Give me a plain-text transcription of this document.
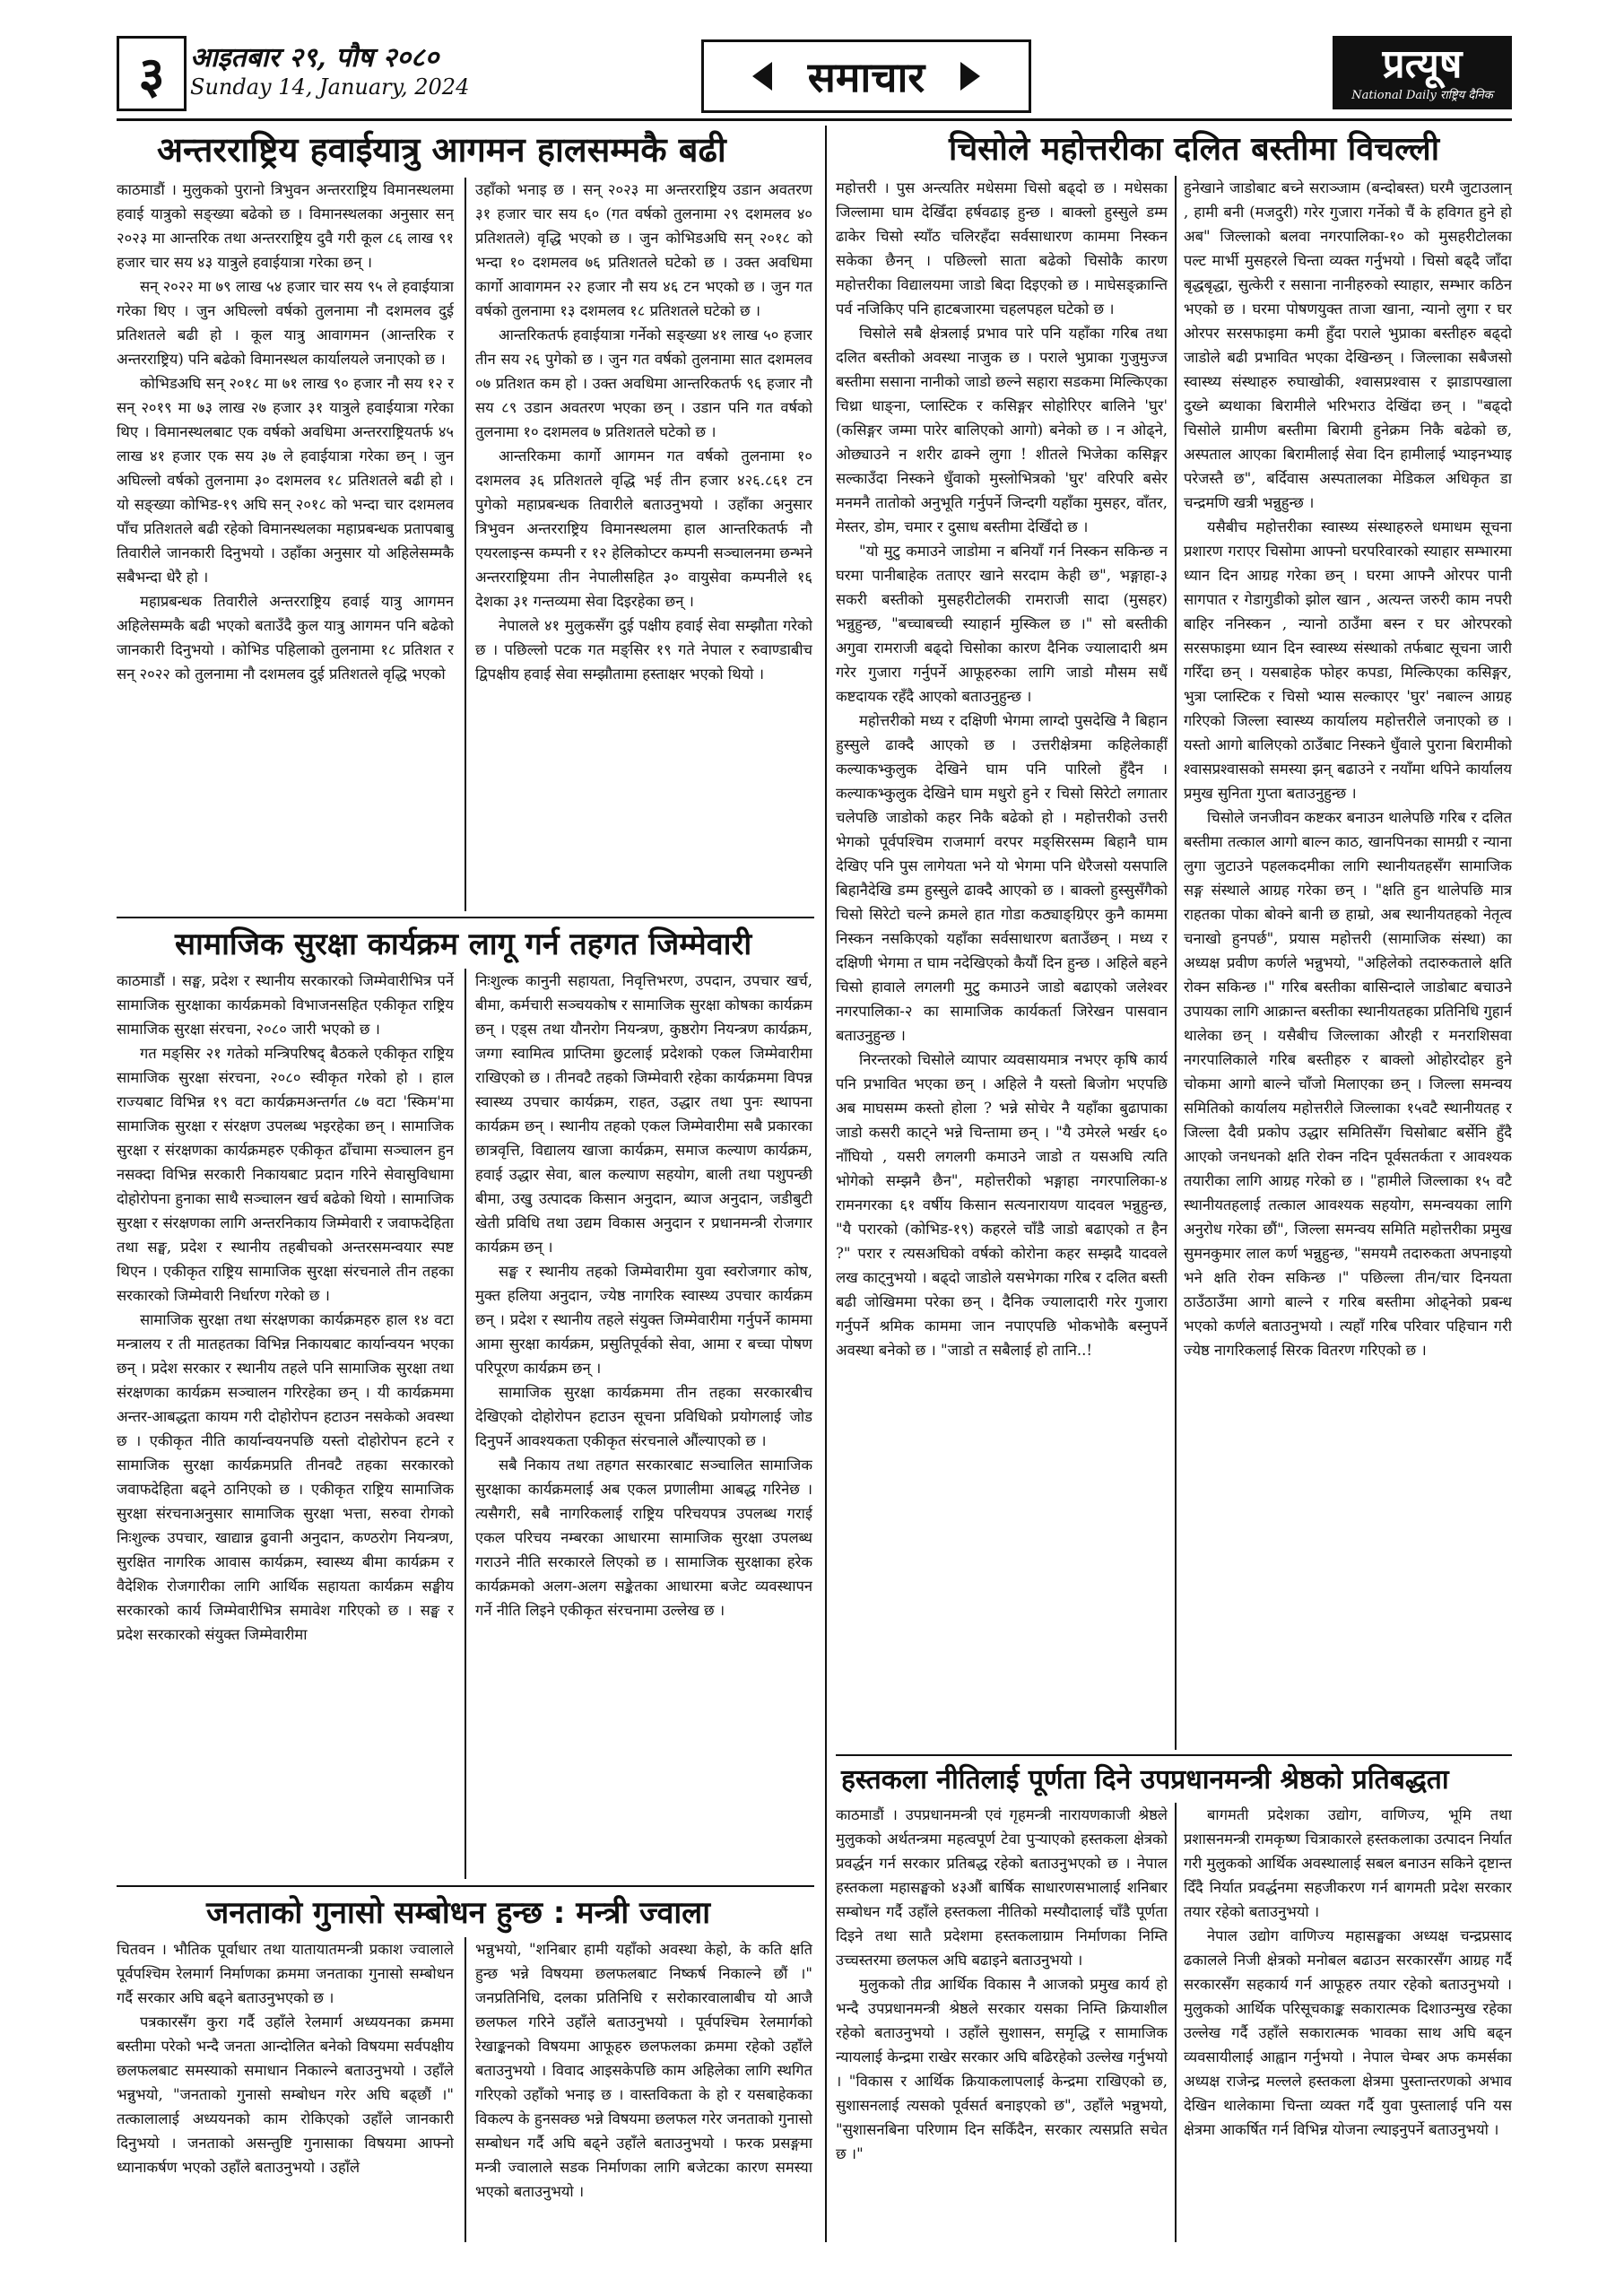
३ आइतबार २९, पौष २०८०
Sunday 14, January, 2024	समाचार	प्रत्यूष
National Daily राष्ट्रिय दैनिक
अन्तरराष्ट्रिय हवाईयात्रु आगमन हालसम्मकै बढी

काठमाडौं । मुलुकको पुरानो त्रिभुवन अन्तरराष्ट्रिय विमानस्थलमा हवाई यात्रुको सङ्ख्या बढेको छ । विमानस्थलका अनुसार सन् २०२३ मा आन्तरिक तथा अन्तरराष्ट्रिय दुवै गरी कूल ८६ लाख ९१ हजार चार सय ४३ यात्रुले हवाईयात्रा गरेका छन् ।

सन् २०२२ मा ७९ लाख ५४ हजार चार सय ९५ ले हवाईयात्रा गरेका थिए । जुन अघिल्लो वर्षको तुलनामा नौ दशमलव दुई प्रतिशतले बढी हो । कूल यात्रु आवागमन (आन्तरिक र अन्तरराष्ट्रिय) पनि बढेको विमानस्थल कार्यालयले जनाएको छ ।

कोभिडअघि सन् २०१८ मा ७१ लाख ९० हजार नौ सय १२ र सन् २०१९ मा ७३ लाख २७ हजार ३१ यात्रुले हवाईयात्रा गरेका थिए । विमानस्थलबाट एक वर्षको अवधिमा अन्तरराष्ट्रियतर्फ ४५ लाख ४१ हजार एक सय ३७ ले हवाईयात्रा गरेका छन् । जुन अघिल्लो वर्षको तुलनामा ३० दशमलव १८ प्रतिशतले बढी हो । यो सङ्ख्या कोभिड-१९ अघि सन् २०१८ को भन्दा चार दशमलव पाँच प्रतिशतले बढी रहेको विमानस्थलका महाप्रबन्धक प्रतापबाबु तिवारीले जानकारी दिनुभयो । उहाँका अनुसार यो अहिलेसम्मकै सबैभन्दा धेरै हो ।

महाप्रबन्धक तिवारीले अन्तरराष्ट्रिय हवाई यात्रु आगमन अहिलेसम्मकै बढी भएको बताउँदै कुल यात्रु आगमन पनि बढेको जानकारी दिनुभयो । कोभिड पहिलाको तुलनामा १८ प्रतिशत र सन् २०२२ को तुलनामा नौ दशमलव दुई प्रतिशतले वृद्धि भएको

उहाँको भनाइ छ । सन् २०२३ मा अन्तरराष्ट्रिय उडान अवतरण ३१ हजार चार सय ६० (गत वर्षको तुलनामा २९ दशमलव ४० प्रतिशतले) वृद्धि भएको छ । जुन कोभिडअघि सन् २०१८ को भन्दा १० दशमलव ७६ प्रतिशतले घटेको छ । उक्त अवधिमा कार्गो आवागमन २२ हजार नौ सय ४६ टन भएको छ । जुन गत वर्षको तुलनामा १३ दशमलव १८ प्रतिशतले घटेको छ ।

आन्तरिकतर्फ हवाईयात्रा गर्नेको सङ्ख्या ४१ लाख ५० हजार तीन सय २६ पुगेको छ । जुन गत वर्षको तुलनामा सात दशमलव ०७ प्रतिशत कम हो । उक्त अवधिमा आन्तरिकतर्फ ९६ हजार नौ सय ८९ उडान अवतरण भएका छन् । उडान पनि गत वर्षको तुलनामा १० दशमलव ७ प्रतिशतले घटेको छ ।

आन्तरिकमा कार्गो आगमन गत वर्षको तुलनामा १० दशमलव ३६ प्रतिशतले वृद्धि भई तीन हजार ४२६.८६१ टन पुगेको महाप्रबन्धक तिवारीले बताउनुभयो । उहाँका अनुसार त्रिभुवन अन्तरराष्ट्रिय विमानस्थलमा हाल आन्तरिकतर्फ नौ एयरलाइन्स कम्पनी र १२ हेलिकोप्टर कम्पनी सञ्चालनमा छन्भने अन्तरराष्ट्रियमा तीन नेपालीसहित ३० वायुसेवा कम्पनीले १६ देशका ३१ गन्तव्यमा सेवा दिइरहेका छन् ।

नेपालले ४१ मुलुकसँग दुई पक्षीय हवाई सेवा सम्झौता गरेको छ । पछिल्लो पटक गत मङ्सिर १९ गते नेपाल र रुवाण्डाबीच द्विपक्षीय हवाई सेवा सम्झौतामा हस्ताक्षर भएको थियो ।

सामाजिक सुरक्षा कार्यक्रम लागू गर्न तहगत जिम्मेवारी

काठमाडौं । सङ्घ, प्रदेश र स्थानीय सरकारको जिम्मेवारीभित्र पर्ने सामाजिक सुरक्षाका कार्यक्रमको विभाजनसहित एकीकृत राष्ट्रिय सामाजिक सुरक्षा संरचना, २०८० जारी भएको छ ।

गत मङ्सिर २१ गतेको मन्त्रिपरिषद् बैठकले एकीकृत राष्ट्रिय सामाजिक सुरक्षा संरचना, २०८० स्वीकृत गरेको हो । हाल राज्यबाट विभिन्न १९ वटा कार्यक्रमअन्तर्गत ८७ वटा 'स्किम'मा सामाजिक सुरक्षा र संरक्षण उपलब्ध भइरहेका छन् । सामाजिक सुरक्षा र संरक्षणका कार्यक्रमहरु एकीकृत ढाँचामा सञ्चालन हुन नसक्दा विभिन्न सरकारी निकायबाट प्रदान गरिने सेवासुविधामा दोहोरोपना हुनाका साथै सञ्चालन खर्च बढेको थियो । सामाजिक सुरक्षा र संरक्षणका लागि अन्तरनिकाय जिम्मेवारी र जवाफदेहिता तथा सङ्घ, प्रदेश र स्थानीय तहबीचको अन्तरसमन्वयार स्पष्ट थिएन । एकीकृत राष्ट्रिय सामाजिक सुरक्षा संरचनाले तीन तहका सरकारको जिम्मेवारी निर्धारण गरेको छ ।

सामाजिक सुरक्षा तथा संरक्षणका कार्यक्रमहरु हाल १४ वटा मन्त्रालय र ती मातहतका विभिन्न निकायबाट कार्यान्वयन भएका छन् । प्रदेश सरकार र स्थानीय तहले पनि सामाजिक सुरक्षा तथा संरक्षणका कार्यक्रम सञ्चालन गरिरहेका छन् । यी कार्यक्रममा अन्तर-आबद्धता कायम गरी दोहोरोपन हटाउन नसकेको अवस्था छ । एकीकृत नीति कार्यान्वयनपछि यस्तो दोहोरोपन हटने र सामाजिक सुरक्षा कार्यक्रमप्रति तीनवटै तहका सरकारको जवाफदेहिता बढ्ने ठानिएको छ । एकीकृत राष्ट्रिय सामाजिक सुरक्षा संरचनाअनुसार सामाजिक सुरक्षा भत्ता, सरुवा रोगको निःशुल्क उपचार, खाद्यान्न ढुवानी अनुदान, कण्ठरोग नियन्त्रण, सुरक्षित नागरिक आवास कार्यक्रम, स्वास्थ्य बीमा कार्यक्रम र वैदेशिक रोजगारीका लागि आर्थिक सहायता कार्यक्रम सङ्घीय सरकारको कार्य जिम्मेवारीभित्र समावेश गरिएको छ । सङ्घ र प्रदेश सरकारको संयुक्त जिम्मेवारीमा

निःशुल्क कानुनी सहायता, निवृत्तिभरण, उपदान, उपचार खर्च, बीमा, कर्मचारी सञ्चयकोष र सामाजिक सुरक्षा कोषका कार्यक्रम छन् । एड्स तथा यौनरोग नियन्त्रण, कुष्ठरोग नियन्त्रण कार्यक्रम, जग्गा स्वामित्व प्राप्तिमा छुटलाई प्रदेशको एकल जिम्मेवारीमा राखिएको छ । तीनवटै तहको जिम्मेवारी रहेका कार्यक्रममा विपन्न स्वास्थ्य उपचार कार्यक्रम, राहत, उद्धार तथा पुनः स्थापना कार्यक्रम छन् । स्थानीय तहको एकल जिम्मेवारीमा सबै प्रकारका छात्रवृत्ति, विद्यालय खाजा कार्यक्रम, समाज कल्याण कार्यक्रम, हवाई उद्धार सेवा, बाल कल्याण सहयोग, बाली तथा पशुपन्छी बीमा, उखु उत्पादक किसान अनुदान, ब्याज अनुदान, जडीबुटी खेती प्रविधि तथा उद्यम विकास अनुदान र प्रधानमन्त्री रोजगार कार्यक्रम छन् ।

सङ्घ र स्थानीय तहको जिम्मेवारीमा युवा स्वरोजगार कोष, मुक्त हलिया अनुदान, ज्येष्ठ नागरिक स्वास्थ्य उपचार कार्यक्रम छन् । प्रदेश र स्थानीय तहले संयुक्त जिम्मेवारीमा गर्नुपर्ने काममा आमा सुरक्षा कार्यक्रम, प्रसुतिपूर्वको सेवा, आमा र बच्चा पोषण परिपूरण कार्यक्रम छन् ।

सामाजिक सुरक्षा कार्यक्रममा तीन तहका सरकारबीच देखिएको दोहोरोपन हटाउन सूचना प्रविधिको प्रयोगलाई जोड दिनुपर्ने आवश्यकता एकीकृत संरचनाले औंल्याएको छ ।

सबै निकाय तथा तहगत सरकारबाट सञ्चालित सामाजिक सुरक्षाका कार्यक्रमलाई अब एकल प्रणालीमा आबद्ध गरिनेछ । त्यसैगरी, सबै नागरिकलाई राष्ट्रिय परिचयपत्र उपलब्ध गराई एकल परिचय नम्बरका आधारमा सामाजिक सुरक्षा उपलब्ध गराउने नीति सरकारले लिएको छ । सामाजिक सुरक्षाका हरेक कार्यक्रमको अलग-अलग सङ्केतका आधारमा बजेट व्यवस्थापन गर्ने नीति लिइने एकीकृत संरचनामा उल्लेख छ ।

जनताको गुनासो सम्बोधन हुन्छ : मन्त्री ज्वाला

चितवन । भौतिक पूर्वाधार तथा यातायातमन्त्री प्रकाश ज्वालाले पूर्वपश्चिम रेलमार्ग निर्माणका क्रममा जनताका गुनासो सम्बोधन गर्दै सरकार अघि बढ्ने बताउनुभएको छ ।

पत्रकारसँग कुरा गर्दै उहाँले रेलमार्ग अध्ययनका क्रममा बस्तीमा परेको भन्दै जनता आन्दोलित बनेको विषयमा सर्वपक्षीय छलफलबाट समस्याको समाधान निकाल्ने बताउनुभयो । उहाँले भन्नुभयो, "जनताको गुनासो सम्बोधन गरेर अघि बढ्छौं ।" तत्कालालाई अध्ययनको काम रोकिएको उहाँले जानकारी दिनुभयो । जनताको असन्तुष्टि गुनासाका विषयमा आफ्नो ध्यानाकर्षण भएको उहाँले बताउनुभयो । उहाँले

भन्नुभयो, "शनिबार हामी यहाँको अवस्था केहो, के कति क्षति हुन्छ भन्ने विषयमा छलफलबाट निष्कर्ष निकाल्ने छौं ।" जनप्रतिनिधि, दलका प्रतिनिधि र सरोकारवालाबीच यो आजै छलफल गरिने उहाँले बताउनुभयो । पूर्वपश्चिम रेलमार्गको रेखाङ्कनको विषयमा आफूहरु छलफलका क्रममा रहेको उहाँले बताउनुभयो । विवाद आइसकेपछि काम अहिलेका लागि स्थगित गरिएको उहाँको भनाइ छ । वास्तविकता के हो र यसबाहेकका विकल्प के हुनसक्छ भन्ने विषयमा छलफल गरेर जनताको गुनासो सम्बोधन गर्दै अघि बढ्ने उहाँले बताउनुभयो । फरक प्रसङ्गमा मन्त्री ज्वालाले सडक निर्माणका लागि बजेटका कारण समस्या भएको बताउनुभयो ।

चिसोले महोत्तरीका दलित बस्तीमा विचल्ली

महोत्तरी । पुस अन्त्यतिर मधेसमा चिसो बढ्दो छ । मधेसका जिल्लामा घाम देखिँदा हर्षवढाइ हुन्छ । बाक्लो हुस्सुले डम्म ढाकेर चिसो स्याँठ चलिरहँदा सर्वसाधारण काममा निस्कन सकेका छैनन् । पछिल्लो साता बढेको चिसोकै कारण महोत्तरीका विद्यालयमा जाडो बिदा दिइएको छ । माघेसङ्क्रान्ति पर्व नजिकिए पनि हाटबजारमा चहलपहल घटेको छ ।

चिसोले सबै क्षेत्रलाई प्रभाव पारे पनि यहाँका गरिब तथा दलित बस्तीको अवस्था नाजुक छ । पराले भुप्राका गुजुमुज्ज बस्तीमा ससाना नानीको जाडो छल्ने सहारा सडकमा मिल्किएका चिथ्रा धाङ्ना, प्लास्टिक र कसिङ्गर सोहोरिएर बालिने 'घुर' (कसिङ्गर जम्मा पारेर बालिएको आगो) बनेको छ । न ओढ्ने, ओछ्याउने न शरीर ढाक्ने लुगा ! शीतले भिजेका कसिङ्गर सल्काउँदा निस्कने धुँवाको मुस्लोभित्रको 'घुर' वरिपरि बसेर मनमनै तातोको अनुभूति गर्नुपर्ने जिन्दगी यहाँका मुसहर, वाँतर, मेस्तर, डोम, चमार र दुसाध बस्तीमा देखिँदो छ ।

"यो मुटु कमाउने जाडोमा न बनियाँ गर्न निस्कन सकिन्छ न घरमा पानीबाहेक तताएर खाने सरदाम केही छ", भङ्गाहा-३ सकरी बस्तीको मुसहरीटोलकी रामराजी सादा (मुसहर) भन्नुहुन्छ, "बच्चाबच्ची स्याहार्न मुस्किल छ ।" सो बस्तीकी अगुवा रामराजी बढ्दो चिसोका कारण दैनिक ज्यालादारी श्रम गरेर गुजारा गर्नुपर्ने आफूहरुका लागि जाडो मौसम सधैं कष्टदायक रहँदै आएको बताउनुहुन्छ ।

महोत्तरीको मध्य र दक्षिणी भेगमा लाग्दो पुसदेखि नै बिहान हुस्सुले ढाक्दै आएको छ । उत्तरीक्षेत्रमा कहिलेकाहीँ कल्याकभ्कुलुक देखिने घाम पनि पारिलो हुँदैन । कल्याकभ्कुलुक देखिने घाम मधुरो हुने र चिसो सिरेटो लगातार चलेपछि जाडोको कहर निकै बढेको हो । महोत्तरीको उत्तरी भेगको पूर्वपश्चिम राजमार्ग वरपर मङ्सिरसम्म बिहानै घाम देखिए पनि पुस लागेयता भने यो भेगमा पनि धेरैजसो यसपालि बिहानैदेखि डम्म हुस्सुले ढाक्दै आएको छ । बाक्लो हुस्सुसँगैको चिसो सिरेटो चल्ने क्रमले हात गोडा कठ्याङ्ग्रिएर कुनै काममा निस्कन नसकिएको यहाँका सर्वसाधारण बताउँछन् । मध्य र दक्षिणी भेगमा त घाम नदेखिएको कैयौं दिन हुन्छ । अहिले बहने चिसो हावाले लगलगी मुटु कमाउने जाडो बढाएको जलेश्वर नगरपालिका-२ का सामाजिक कार्यकर्ता जिरेखन पासवान बताउनुहुन्छ ।

निरन्तरको चिसोले व्यापार व्यवसायमात्र नभएर कृषि कार्य पनि प्रभावित भएका छन् । अहिले नै यस्तो बिजोग भएपछि अब माघसम्म कस्तो होला ? भन्ने सोचेर नै यहाँका बुढापाका जाडो कसरी काट्ने भन्ने चिन्तामा छन् । "यै उमेरले भर्खर ६० नाँघियो , यसरी लगलगी कमाउने जाडो त यसअघि त्यति भोगेको सम्झनै छैन", महोत्तरीको भङ्गाहा नगरपालिका-४ रामनगरका ६१ वर्षीय किसान सत्यनारायण यादवल भन्नुहुन्छ, "यै परारको (कोभिड-१९) कहरले चाँडै जाडो बढाएको त हैन ?" परार र त्यसअघिको वर्षको कोरोना कहर सम्झदै यादवले लख काट्नुभयो । बढ्दो जाडोले यसभेगका गरिब र दलित बस्ती बढी जोखिममा परेका छन् । दैनिक ज्यालादारी गरेर गुजारा गर्नुपर्ने श्रमिक काममा जान नपाएपछि भोकभोकै बस्नुपर्ने अवस्था बनेको छ । "जाडो त सबैलाई हो तानि..!

हुनेखाने जाडोबाट बच्ने सराञ्जाम (बन्दोबस्त) घरमै जुटाउलान् , हामी बनी (मजदुरी) गरेर गुजारा गर्नेको चैं के हविगत हुने हो अब" जिल्लाको बलवा नगरपालिका-१० को मुसहरीटोलका पल्ट मार्भी मुसहरले चिन्ता व्यक्त गर्नुभयो । चिसो बढ्दै जाँदा बृद्धबृद्धा, सुत्केरी र ससाना नानीहरुको स्याहार, सम्भार कठिन भएको छ । घरमा पोषणयुक्त ताजा खाना, न्यानो लुगा र घर ओरपर सरसफाइमा कमी हुँदा पराले भुप्राका बस्तीहरु बढ्दो जाडोले बढी प्रभावित भएका देखिन्छन् । जिल्लाका सबैजसो स्वास्थ्य संस्थाहरु रुघाखोकी, श्वासप्रश्वास र झाडापखाला दुख्ने ब्यथाका बिरामीले भरिभराउ देखिंदा छन् । "बढ्दो चिसोले ग्रामीण बस्तीमा बिरामी हुनेक्रम निकै बढेको छ, अस्पताल आएका बिरामीलाई सेवा दिन हामीलाई भ्याइनभ्याइ परेजस्तै छ", बर्दिवास अस्पतालका मेडिकल अधिकृत डा चन्द्रमणि खत्री भन्नुहुन्छ ।

यसैबीच महोत्तरीका स्वास्थ्य संस्थाहरुले धमाधम सूचना प्रशारण गराएर चिसोमा आफ्नो घरपरिवारको स्याहार सम्भारमा ध्यान दिन आग्रह गरेका छन् । घरमा आफ्नै ओरपर पानी सागपात र गेडागुडीको झोल खान , अत्यन्त जरुरी काम नपरी बाहिर ननिस्कन , न्यानो ठाउँमा बस्न र घर ओरपरको सरसफाइमा ध्यान दिन स्वास्थ्य संस्थाको तर्फबाट सूचना जारी गरिँदा छन् । यसबाहेक फोहर कपडा, मिल्किएका कसिङ्गर, भुत्रा प्लास्टिक र चिसो भ्यास सल्काएर 'घुर' नबाल्न आग्रह गरिएको जिल्ला स्वास्थ्य कार्यालय महोत्तरीले जनाएको छ । यस्तो आगो बालिएको ठाउँबाट निस्कने धुँवाले पुराना बिरामीको श्वासप्रश्वासको समस्या झन् बढाउने र नयाँमा थपिने कार्यालय प्रमुख सुनिता गुप्ता बताउनुहुन्छ ।

चिसोले जनजीवन कष्टकर बनाउन थालेपछि गरिब र दलित बस्तीमा तत्काल आगो बाल्न काठ, खानपिनका सामग्री र न्याना लुगा जुटाउने पहलकदमीका लागि स्थानीयतहसँग सामाजिक सङ्ग संस्थाले आग्रह गरेका छन् । "क्षति हुन थालेपछि मात्र राहतका पोका बोक्ने बानी छ हाम्रो, अब स्थानीयतहको नेतृत्व चनाखो हुनपर्छ", प्रयास महोत्तरी (सामाजिक संस्था) का अध्यक्ष प्रवीण कर्णले भन्नुभयो, "अहिलेको तदारुकताले क्षति रोक्न सकिन्छ ।" गरिब बस्तीका बासिन्दाले जाडोबाट बचाउने उपायका लागि आक्रान्त बस्तीका स्थानीयतहका प्रतिनिधि गुहार्न थालेका छन् । यसैबीच जिल्लाका औरही र मनराशिसवा नगरपालिकाले गरिब बस्तीहरु र बाक्लो ओहोरदोहर हुने चोकमा आगो बाल्ने चाँजो मिलाएका छन् । जिल्ला समन्वय समितिको कार्यालय महोत्तरीले जिल्लाका १५वटै स्थानीयतह र जिल्ला दैवी प्रकोप उद्धार समितिसँग चिसोबाट बर्सेनि हुँदै आएको जनधनको क्षति रोक्न नदिन पूर्वसतर्कता र आवश्यक तयारीका लागि आग्रह गरेको छ । "हामीले जिल्लाका १५ वटै स्थानीयतहलाई तत्काल आवश्यक सहयोग, समन्वयका लागि अनुरोध गरेका छौं", जिल्ला समन्वय समिति महोत्तरीका प्रमुख सुमनकुमार लाल कर्ण भन्नुहुन्छ, "समयमै तदारुकता अपनाइयो भने क्षति रोक्न सकिन्छ ।" पछिल्ला तीन/चार दिनयता ठाउँठाउँमा आगो बाल्ने र गरिब बस्तीमा ओढ्नेको प्रबन्ध भएको कर्णले बताउनुभयो । त्यहाँ गरिब परिवार पहिचान गरी ज्येष्ठ नागरिकलाई सिरक वितरण गरिएको छ ।

हस्तकला नीतिलाई पूर्णता दिने उपप्रधानमन्त्री श्रेष्ठको प्रतिबद्धता

काठमाडौं । उपप्रधानमन्त्री एवं गृहमन्त्री नारायणकाजी श्रेष्ठले मुलुकको अर्थतन्त्रमा महत्वपूर्ण टेवा पुऱ्याएको हस्तकला क्षेत्रको प्रवर्द्धन गर्न सरकार प्रतिबद्ध रहेको बताउनुभएको छ । नेपाल हस्तकला महासङ्घको ४३औं बार्षिक साधारणसभालाई शनिबार सम्बोधन गर्दै उहाँले हस्तकला नीतिको मस्यौदालाई चाँडै पूर्णता दिइने तथा सातै प्रदेशमा हस्तकलाग्राम निर्माणका निम्ति उच्चस्तरमा छलफल अघि बढाइने बताउनुभयो ।

मुलुकको तीव्र आर्थिक विकास नै आजको प्रमुख कार्य हो भन्दै उपप्रधानमन्त्री श्रेष्ठले सरकार यसका निम्ति क्रियाशील रहेको बताउनुभयो । उहाँले सुशासन, समृद्धि र सामाजिक न्यायलाई केन्द्रमा राखेर सरकार अघि बढिरहेको उल्लेख गर्नुभयो । "विकास र आर्थिक क्रियाकलापलाई केन्द्रमा राखिएको छ, सुशासनलाई त्यसको पूर्वसर्त बनाइएको छ", उहाँले भन्नुभयो, "सुशासनबिना परिणाम दिन सकिँदैन, सरकार त्यसप्रति सचेत छ ।"

बागमती प्रदेशका उद्योग, वाणिज्य, भूमि तथा प्रशासनमन्त्री रामकृष्ण चित्राकारले हस्तकलाका उत्पादन निर्यात गरी मुलुकको आर्थिक अवस्थालाई सबल बनाउन सकिने दृष्टान्त दिँदै निर्यात प्रवर्द्धनमा सहजीकरण गर्न बागमती प्रदेश सरकार तयार रहेको बताउनुभयो ।

नेपाल उद्योग वाणिज्य महासङ्घका अध्यक्ष चन्द्रप्रसाद ढकालले निजी क्षेत्रको मनोबल बढाउन सरकारसँग आग्रह गर्दै सरकारसँग सहकार्य गर्न आफूहरु तयार रहेको बताउनुभयो । मुलुकको आर्थिक परिसूचकाङ्क सकारात्मक दिशाउन्मुख रहेका उल्लेख गर्दै उहाँले सकारात्मक भावका साथ अघि बढ्न व्यवसायीलाई आह्वान गर्नुभयो । नेपाल चेम्बर अफ कमर्सका अध्यक्ष राजेन्द्र मल्लले हस्तकला क्षेत्रमा पुस्तान्तरणको अभाव देखिन थालेकामा चिन्ता व्यक्त गर्दै युवा पुस्तालाई पनि यस क्षेत्रमा आकर्षित गर्न विभिन्न योजना ल्याइनुपर्ने बताउनुभयो ।
